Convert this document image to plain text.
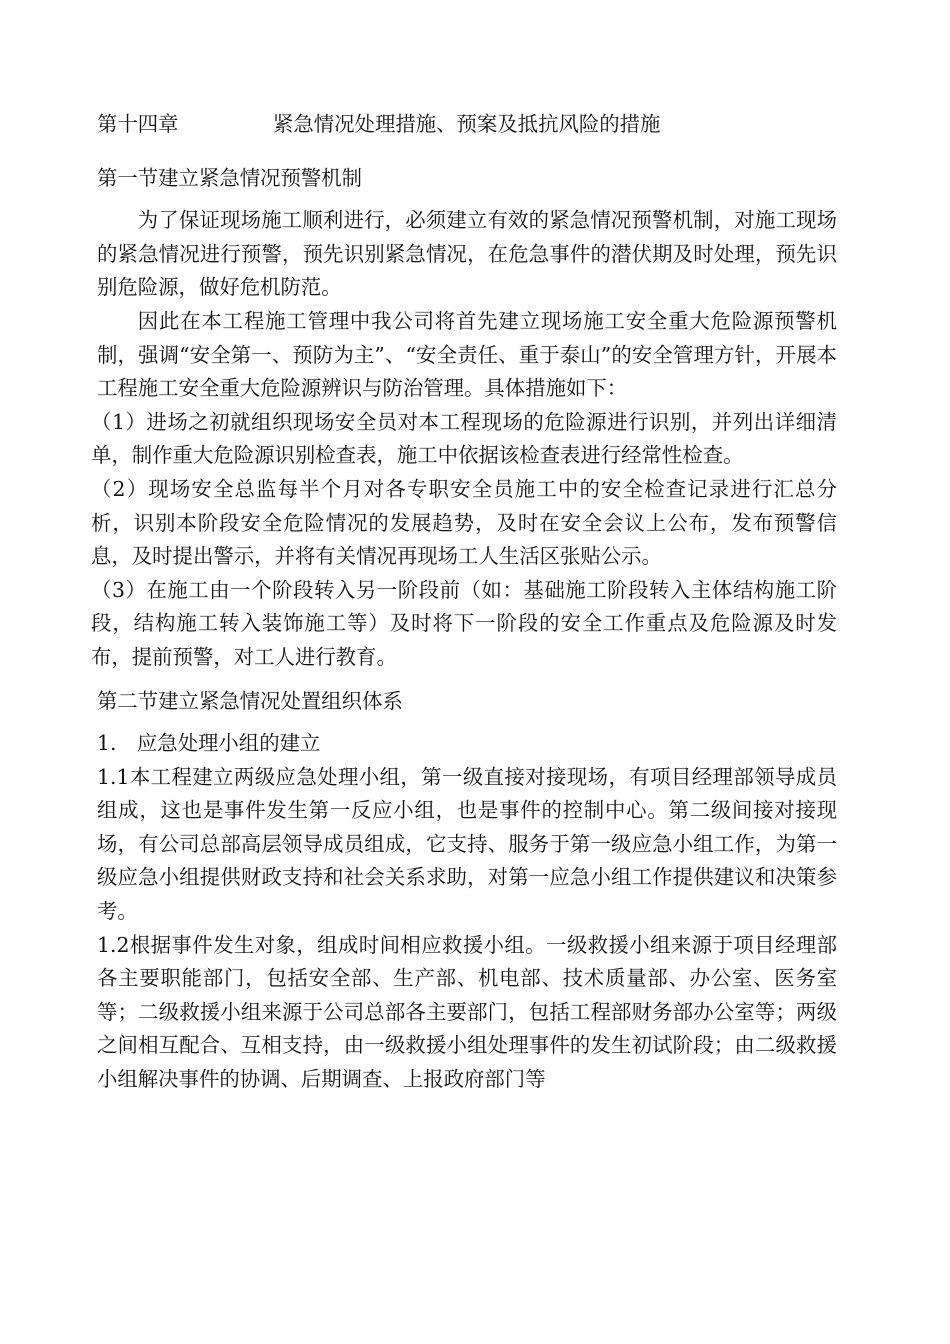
第十四章	紧急情况处理措施、预案及抵抗风险的措施
第一节建立紧急情况预警机制

为了保证现场施工顺利进行，必须建立有效的紧急情况预警机制，对施工现场的紧急情况进行预警，预先识别紧急情况，在危急事件的潜伏期及时处理，预先识别危险源，做好危机防范。

因此在本工程施工管理中我公司将首先建立现场施工安全重大危险源预警机制，强调“安全第一、预防为主”、“安全责任、重于泰山”的安全管理方针，开展本工程施工安全重大危险源辨识与防治管理。具体措施如下：

（1）进场之初就组织现场安全员对本工程现场的危险源进行识别，并列出详细清单，制作重大危险源识别检查表，施工中依据该检查表进行经常性检查。

（2）现场安全总监每半个月对各专职安全员施工中的安全检查记录进行汇总分析，识别本阶段安全危险情况的发展趋势，及时在安全会议上公布，发布预警信息，及时提出警示，并将有关情况再现场工人生活区张贴公示。

（3）在施工由一个阶段转入另一阶段前（如：基础施工阶段转入主体结构施工阶段，结构施工转入装饰施工等）及时将下一阶段的安全工作重点及危险源及时发布，提前预警，对工人进行教育。

第二节建立紧急情况处置组织体系

1.　应急处理小组的建立

1.1本工程建立两级应急处理小组，第一级直接对接现场，有项目经理部领导成员组成，这也是事件发生第一反应小组，也是事件的控制中心。第二级间接对接现场，有公司总部高层领导成员组成，它支持、服务于第一级应急小组工作，为第一级应急小组提供财政支持和社会关系求助，对第一应急小组工作提供建议和决策参考。

1.2根据事件发生对象，组成时间相应救援小组。一级救援小组来源于项目经理部各主要职能部门，包括安全部、生产部、机电部、技术质量部、办公室、医务室等；二级救援小组来源于公司总部各主要部门，包括工程部财务部办公室等；两级之间相互配合、互相支持，由一级救援小组处理事件的发生初试阶段；由二级救援小组解决事件的协调、后期调查、上报政府部门等
